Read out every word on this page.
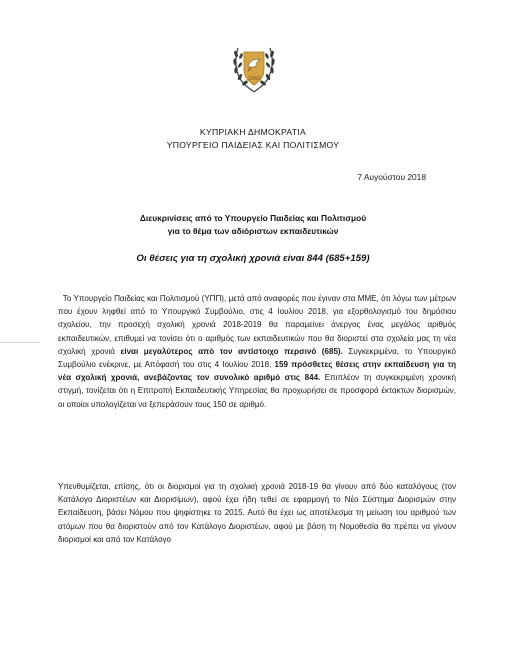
1960
ΚΥΠΡΙΑΚΗ ΔΗΜΟΚΡΑΤΙΑ
ΥΠΟΥΡΓΕΙΟ ΠΑΙΔΕΙΑΣ ΚΑΙ ΠΟΛΙΤΙΣΜΟΥ
7 Αυγούστου 2018
Διευκρινίσεις από το Υπουργείο Παιδείας και Πολιτισμού
για το θέμα των αδιόριστων εκπαιδευτικών
Οι θέσεις για τη σχολική χρονιά είναι 844 (685+159)
Το Υπουργείο Παιδείας και Πολιτισμού (ΥΠΠ), μετά από αναφορές που έγιναν στα ΜΜΕ, ότι λόγω των μέτρων που έχουν ληφθεί από το Υπουργικό Συμβούλιο, στις 4 Ιουλίου 2018, για εξορθολογισμό του δημόσιου σχολείου, την προσεχή σχολική χρονιά 2018-2019 θα παραμείνει άνεργος ένας μεγάλος αριθμός εκπαιδευτικών, επιθυμεί να τονίσει ότι ο αριθμός των εκπαιδευτικών που θα διοριστεί στα σχολεία μας τη νέα σχολική χρονιά είναι μεγαλύτερος από τον αντίστοιχο περσινό (685). Συγκεκριμένα, το Υπουργικό Συμβούλιο ενέκρινε, με Απόφασή του στις 4 Ιουλίου 2018, 159 πρόσθετες θέσεις στην εκπαίδευση για τη νέα σχολική χρονιά, ανεβάζοντας τον συνολικό αριθμό στις 844. Επιπλέον τη συγκεκριμένη χρονική στιγμή, τονίζεται ότι η Επιτροπή Εκπαιδευτικής Υπηρεσίας θα προχωρήσει σε προσφορά έκτακτων διορισμών, οι οποίοι υπολογίζεται να ξεπεράσουν τους 150 σε αριθμό.
Υπενθυμίζεται, επίσης, ότι οι διορισμοί για τη σχολική χρονιά 2018-19 θα γίνουν από δύο καταλόγους (τον Κατάλογο Διοριστέων και Διορισίμων), αφού έχει ήδη τεθεί σε εφαρμογή το Νέο Σύστημα Διορισμών στην Εκπαίδευση, βάσει Νόμου που ψηφίστηκε το 2015. Αυτό θα έχει ως αποτέλεσμα τη μείωση του αριθμού των ατόμων που θα διοριστούν από τον Κατάλογο Διοριστέων, αφού με βάση τη Νομοθεσία θα πρέπει να γίνουν διορισμοί και από τον Κατάλογο
